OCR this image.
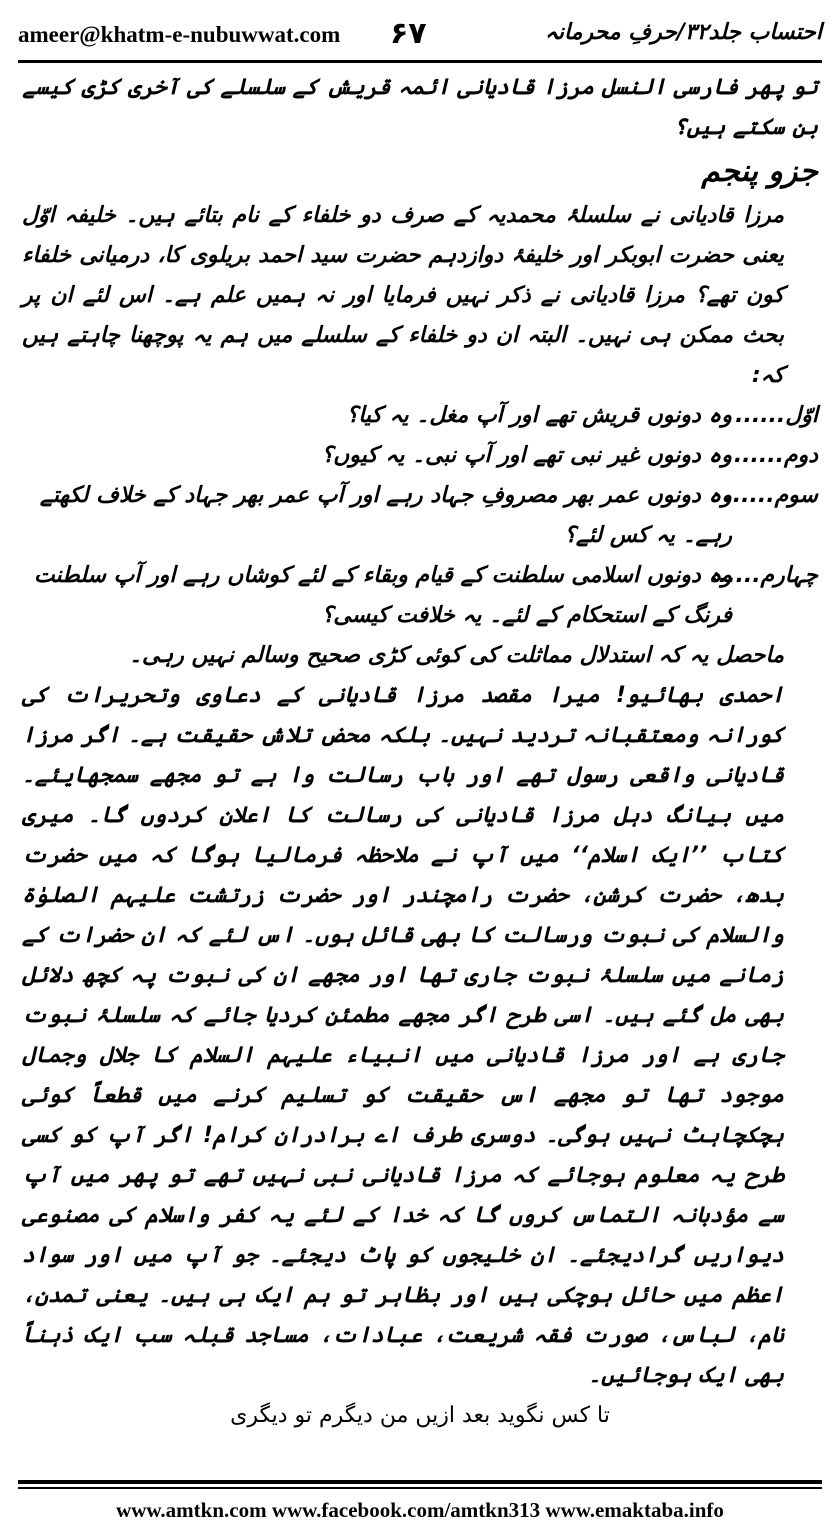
ameer@khatm-e-nubuwwat.com ۶۷	احتساب جلد۳۲/حرفِ محرمانہ

تو پھر فارسی النسل مرزا قادیانی ائمہ قریش کے سلسلے کی آخری کڑی کیسے بن سکتے ہیں؟

جزو پنجم

مرزا قادیانی نے سلسلۂ محمدیہ کے صرف دو خلفاء کے نام بتائے ہیں۔ خلیفہ اوّل یعنی حضرت ابوبکر اور خلیفۂ دوازدہم حضرت سید احمد بریلوی کا، درمیانی خلفاء کون تھے؟ مرزا قادیانی نے ذکر نہیں فرمایا اور نہ ہمیں علم ہے۔ اس لئے ان پر بحث ممکن ہی نہیں۔ البتہ ان دو خلفاء کے سلسلے میں ہم یہ پوچھنا چاہتے ہیں کہ:

اوّل......
وہ دونوں قریش تھے اور آپ مغل۔ یہ کیا؟
دوم......
وہ دونوں غیر نبی تھے اور آپ نبی۔ یہ کیوں؟
سوم......
وہ دونوں عمر بھر مصروفِ جہاد رہے اور آپ عمر بھر جہاد کے خلاف لکھتے رہے۔ یہ کس لئے؟
چہارم......
وہ دونوں اسلامی سلطنت کے قیام وبقاء کے لئے کوشاں رہے اور آپ سلطنت فرنگ کے استحکام کے لئے۔ یہ خلافت کیسی؟

ماحصل یہ کہ استدلال مماثلت کی کوئی کڑی صحیح وسالم نہیں رہی۔

احمدی بھائیو! میرا مقصد مرزا قادیانی کے دعاوی وتحریرات کی کورانہ ومعتقبانہ تردید نہیں۔ بلکہ محض تلاش حقیقت ہے۔ اگر مرزا قادیانی واقعی رسول تھے اور باب رسالت وا ہے تو مجھے سمجھایئے۔ میں بیانگ دہل مرزا قادیانی کی رسالت کا اعلان کردوں گا۔ میری کتاب ’’ایک اسلام‘‘ میں آپ نے ملاحظہ فرمالیا ہوگا کہ میں حضرت بدھ، حضرت کرشن، حضرت رامچندر اور حضرت زرتشت علیہم الصلوٰۃ والسلام کی نبوت ورسالت کا بھی قائل ہوں۔ اس لئے کہ ان حضرات کے زمانے میں سلسلۂ نبوت جاری تھا اور مجھے ان کی نبوت پہ کچھ دلائل بھی مل گئے ہیں۔ اسی طرح اگر مجھے مطمئن کردیا جائے کہ سلسلۂ نبوت جاری ہے اور مرزا قادیانی میں انبیاء علیہم السلام کا جلال وجمال موجود تھا تو مجھے اس حقیقت کو تسلیم کرنے میں قطعاً کوئی ہچکچاہٹ نہیں ہوگی۔ دوسری طرف اے برادران کرام! اگر آپ کو کسی طرح یہ معلوم ہوجائے کہ مرزا قادیانی نبی نہیں تھے تو پھر میں آپ سے مؤدبانہ التماس کروں گا کہ خدا کے لئے یہ کفر واسلام کی مصنوعی دیواریں گرادیجئے۔ ان خلیجوں کو پاٹ دیجئے۔ جو آپ میں اور سواد اعظم میں حائل ہوچکی ہیں اور بظاہر تو ہم ایک ہی ہیں۔ یعنی تمدن، نام، لباس، صورت فقہ شریعت، عبادات، مساجد قبلہ سب ایک ذہناً بھی ایک ہوجائیں۔

تا کس نگوید بعد ازیں من دیگرم تو دیگری

www.amtkn.com www.facebook.com/amtkn313 www.emaktaba.info
